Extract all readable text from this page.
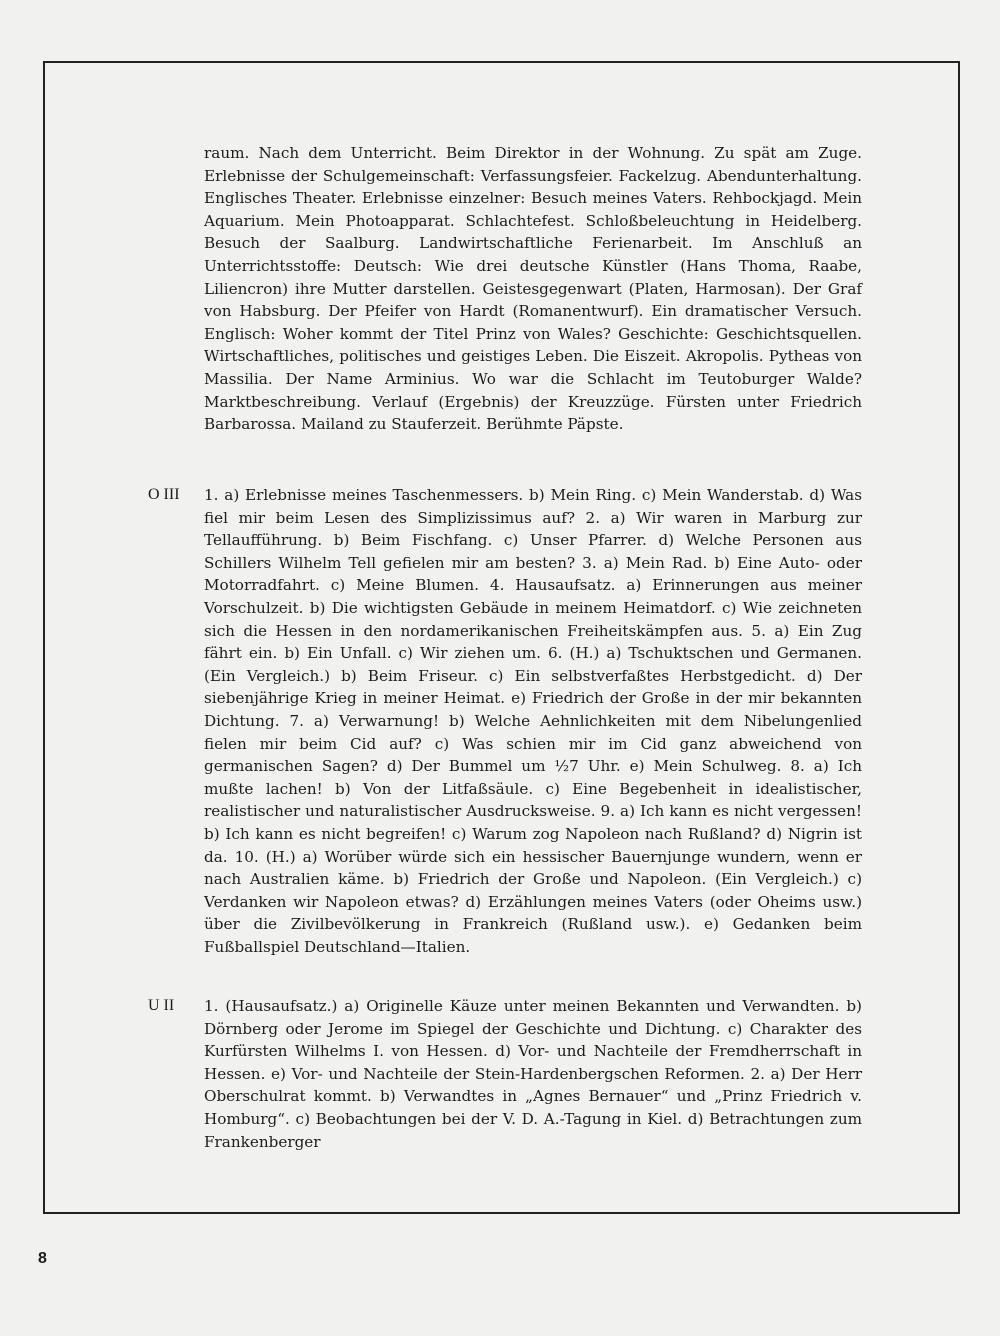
raum. Nach dem Unterricht. Beim Direktor in der Wohnung. Zu spät am Zuge. Erlebnisse der Schulgemeinschaft: Verfassungsfeier. Fackelzug. Abendunterhaltung. Englisches Theater. Erlebnisse einzelner: Besuch meines Vaters. Rehbockjagd. Mein Aquarium. Mein Photoapparat. Schlachtefest. Schloßbeleuchtung in Heidelberg. Besuch der Saalburg. Landwirtschaftliche Ferienarbeit. Im Anschluß an Unterrichtsstoffe: Deutsch: Wie drei deutsche Künstler (Hans Thoma, Raabe, Liliencron) ihre Mutter darstellen. Geistesgegenwart (Platen, Harmosan). Der Graf von Habsburg. Der Pfeifer von Hardt (Romanentwurf). Ein dramatischer Versuch. Englisch: Woher kommt der Titel Prinz von Wales? Geschichte: Geschichtsquellen. Wirtschaftliches, politisches und geistiges Leben. Die Eiszeit. Akropolis. Pytheas von Massilia. Der Name Arminius. Wo war die Schlacht im Teutoburger Walde? Marktbeschreibung. Verlauf (Ergebnis) der Kreuzzüge. Fürsten unter Friedrich Barbarossa. Mailand zu Stauferzeit. Berühmte Päpste.

O III 1. a) Erlebnisse meines Taschenmessers. b) Mein Ring. c) Mein Wanderstab. d) Was fiel mir beim Lesen des Simplizissimus auf? 2. a) Wir waren in Marburg zur Tellaufführung. b) Beim Fischfang. c) Unser Pfarrer. d) Welche Personen aus Schillers Wilhelm Tell gefielen mir am besten? 3. a) Mein Rad. b) Eine Auto- oder Motorradfahrt. c) Meine Blumen. 4. Hausaufsatz. a) Erinnerungen aus meiner Vorschulzeit. b) Die wichtigsten Gebäude in meinem Heimatdorf. c) Wie zeichneten sich die Hessen in den nordamerikanischen Freiheitskämpfen aus. 5. a) Ein Zug fährt ein. b) Ein Unfall. c) Wir ziehen um. 6. (H.) a) Tschuktschen und Germanen. (Ein Vergleich.) b) Beim Friseur. c) Ein selbstverfaßtes Herbstgedicht. d) Der siebenjährige Krieg in meiner Heimat. e) Friedrich der Große in der mir bekannten Dichtung. 7. a) Verwarnung! b) Welche Aehnlichkeiten mit dem Nibelungenlied fielen mir beim Cid auf? c) Was schien mir im Cid ganz abweichend von germanischen Sagen? d) Der Bummel um ½7 Uhr. e) Mein Schulweg. 8. a) Ich mußte lachen! b) Von der Litfaßsäule. c) Eine Begebenheit in idealistischer, realistischer und naturalistischer Ausdrucksweise. 9. a) Ich kann es nicht vergessen! b) Ich kann es nicht begreifen! c) Warum zog Napoleon nach Rußland? d) Nigrin ist da. 10. (H.) a) Worüber würde sich ein hessischer Bauernjunge wundern, wenn er nach Australien käme. b) Friedrich der Große und Napoleon. (Ein Vergleich.) c) Verdanken wir Napoleon etwas? d) Erzählungen meines Vaters (oder Oheims usw.) über die Zivilbevölkerung in Frankreich (Rußland usw.). e) Gedanken beim Fußballspiel Deutschland—Italien.
U II 1. (Hausaufsatz.) a) Originelle Käuze unter meinen Bekannten und Verwandten. b) Dörnberg oder Jerome im Spiegel der Geschichte und Dichtung. c) Charakter des Kurfürsten Wilhelms I. von Hessen. d) Vor- und Nachteile der Fremdherrschaft in Hessen. e) Vor- und Nachteile der Stein-Hardenbergschen Reformen. 2. a) Der Herr Oberschulrat kommt. b) Verwandtes in „Agnes Bernauer“ und „Prinz Friedrich v. Homburg“. c) Beobachtungen bei der V. D. A.-Tagung in Kiel. d) Betrachtungen zum Frankenberger
8
